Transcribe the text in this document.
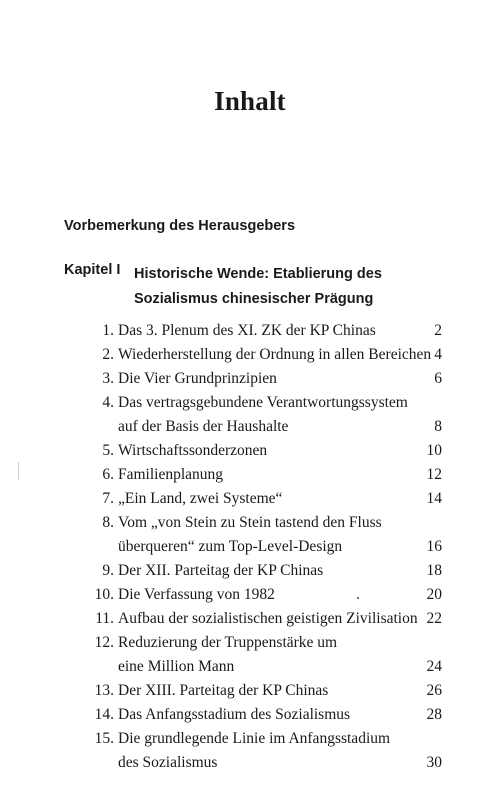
Inhalt
Vorbemerkung des Herausgebers
Kapitel I Historische Wende: Etablierung des
Sozialismus chinesischer Prägung
1. Das 3. Plenum des XI. ZK der KP Chinas	2
2. Wiederherstellung der Ordnung in allen Bereichen 4
3. Die Vier Grundprinzipien	6
4. Das vertragsgebundene Verantwortungssystem
auf der Basis der Haushalte	8
5. Wirtschaftssonderzonen	10
6. Familienplanung	12
7. „Ein Land, zwei Systeme“	14
8. Vom „von Stein zu Stein tastend den Fluss
überqueren“ zum Top-Level-Design	16
9. Der XII. Parteitag der KP Chinas	18
10. Die Verfassung von 1982	20
11. Aufbau der sozialistischen geistigen Zivilisation 22
12. Reduzierung der Truppenstärke um
eine Million Mann	24
13. Der XIII. Parteitag der KP Chinas	26
14. Das Anfangsstadium des Sozialismus	28
15. Die grundlegende Linie im Anfangsstadium
des Sozialismus	30
